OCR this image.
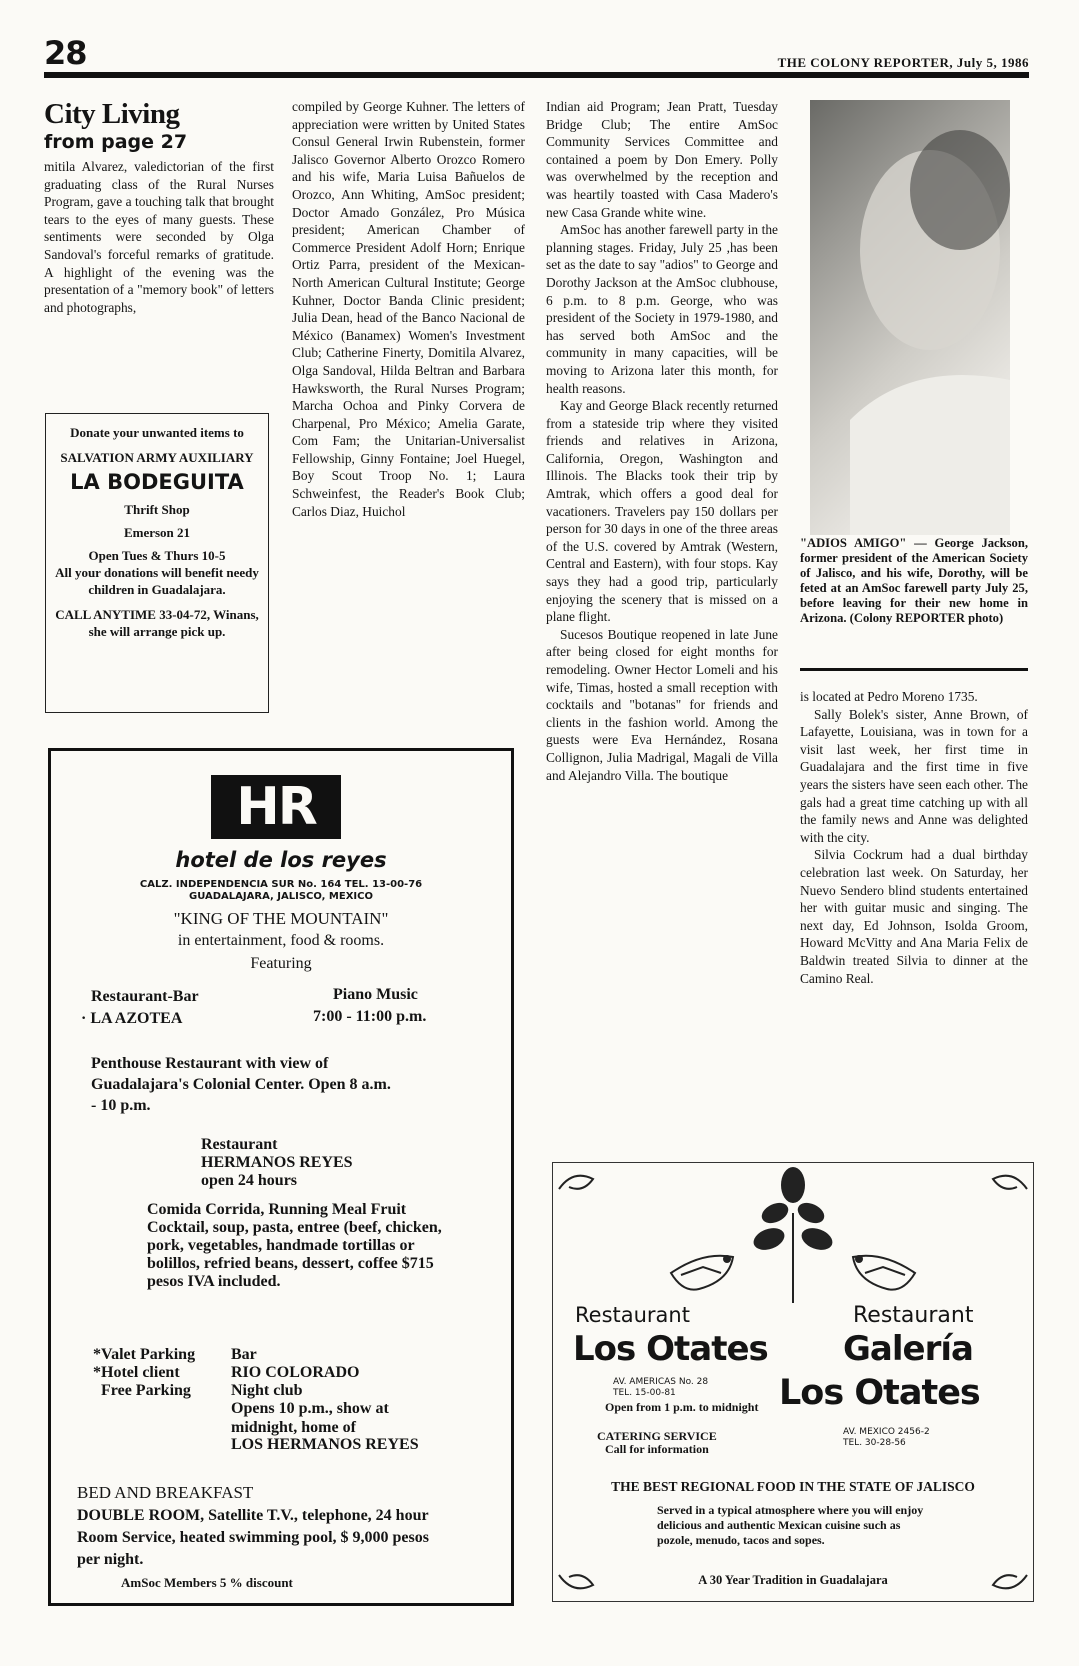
28	THE COLONY REPORTER, July 5, 1986
City Living
from page 27

mitila Alvarez, valedictorian of the first graduating class of the Rural Nurses Program, gave a touching talk that brought tears to the eyes of many guests. These sentiments were seconded by Olga Sandoval's forceful remarks of gratitude. A highlight of the evening was the presentation of a "memory book" of letters and photographs,

Donate your unwanted items to
SALVATION ARMY AUXILIARY
LA BODEGUITA
Thrift Shop
Emerson 21
Open Tues & Thurs 10-5
All your donations will benefit needy children in Guadalajara.
CALL ANYTIME 33-04-72, Winans, she will arrange pick up.

compiled by George Kuhner. The letters of appreciation were written by United States Consul General Irwin Rubenstein, former Jalisco Governor Alberto Orozco Romero and his wife, Maria Luisa Bañuelos de Orozco, Ann Whiting, AmSoc president; Doctor Amado González, Pro Música president; American Chamber of Commerce President Adolf Horn; Enrique Ortiz Parra, president of the Mexican-North American Cultural Institute; George Kuhner, Doctor Banda Clinic president; Julia Dean, head of the Banco Nacional de México (Banamex) Women's Investment Club; Catherine Finerty, Domitila Alvarez, Olga Sandoval, Hilda Beltran and Barbara Hawksworth, the Rural Nurses Program; Marcha Ochoa and Pinky Corvera de Charpenal, Pro México; Amelia Garate, Com Fam; the Unitarian-Universalist Fellowship, Ginny Fontaine; Joel Huegel, Boy Scout Troop No. 1; Laura Schweinfest, the Reader's Book Club; Carlos Diaz, Huichol

Indian aid Program; Jean Pratt, Tuesday Bridge Club; The entire AmSoc Community Services Committee and contained a poem by Don Emery. Polly was overwhelmed by the reception and was heartily toasted with Casa Madero's new Casa Grande white wine.

AmSoc has another farewell party in the planning stages. Friday, July 25 ,has been set as the date to say "adios" to George and Dorothy Jackson at the AmSoc clubhouse, 6 p.m. to 8 p.m. George, who was president of the Society in 1979-1980, and has served both AmSoc and the community in many capacities, will be moving to Arizona later this month, for health reasons.

Kay and George Black recently returned from a stateside trip where they visited friends and relatives in Arizona, California, Oregon, Washington and Illinois. The Blacks took their trip by Amtrak, which offers a good deal for vacationers. Travelers pay 150 dollars per person for 30 days in one of the three areas of the U.S. covered by Amtrak (Western, Central and Eastern), with four stops. Kay says they had a good trip, particularly enjoying the scenery that is missed on a plane flight.

Sucesos Boutique reopened in late June after being closed for eight months for remodeling. Owner Hector Lomeli and his wife, Timas, hosted a small reception with cocktails and "botanas" for friends and clients in the fashion world. Among the guests were Eva Hernández, Rosana Collignon, Julia Madrigal, Magali de Villa and Alejandro Villa. The boutique

"ADIOS AMIGO" — George Jackson, former president of the American Society of Jalisco, and his wife, Dorothy, will be feted at an AmSoc farewell party July 25, before leaving for their new home in Arizona. (Colony REPORTER photo)

is located at Pedro Moreno 1735.

Sally Bolek's sister, Anne Brown, of Lafayette, Louisiana, was in town for a visit last week, her first time in Guadalajara and the first time in five years the sisters have seen each other. The gals had a great time catching up with all the family news and Anne was delighted with the city.

Silvia Cockrum had a dual birthday celebration last week. On Saturday, her Nuevo Sendero blind students entertained her with guitar music and singing. The next day, Ed Johnson, Isolda Groom, Howard McVitty and Ana Maria Felix de Baldwin treated Silvia to dinner at the Camino Real.

HR
hotel de los reyes
CALZ. INDEPENDENCIA SUR No. 164 TEL. 13-00-76
GUADALAJARA, JALISCO, MEXICO
"KING OF THE MOUNTAIN"
in entertainment, food & rooms.
Featuring
Restaurant-Bar
· LA AZOTEA
Piano Music
7:00 - 11:00 p.m.
Penthouse Restaurant with view of Guadalajara's Colonial Center. Open 8 a.m. - 10 p.m.
Restaurant
HERMANOS REYES
open 24 hours
Comida Corrida, Running Meal Fruit Cocktail, soup, pasta, entree (beef, chicken, pork, vegetables, handmade tortillas or bolillos, refried beans, dessert, coffee $715 pesos IVA included.
*Valet Parking
*Hotel client
Free Parking
Bar
RIO COLORADO
Night club
Opens 10 p.m., show at midnight, home of
LOS HERMANOS REYES
BED AND BREAKFAST
DOUBLE ROOM, Satellite T.V., telephone, 24 hour Room Service, heated swimming pool, $ 9,000 pesos per night.
AmSoc Members 5 % discount
Restaurant
Los Otates
AV. AMERICAS No. 28
TEL. 15-00-81
Open from 1 p.m. to midnight
CATERING SERVICE
Call for information
Restaurant
Galería
Los Otates
AV. MEXICO 2456-2
TEL. 30-28-56
THE BEST REGIONAL FOOD IN THE STATE OF JALISCO
Served in a typical atmosphere where you will enjoy delicious and authentic Mexican cuisine such as pozole, menudo, tacos and sopes.
A 30 Year Tradition in Guadalajara
